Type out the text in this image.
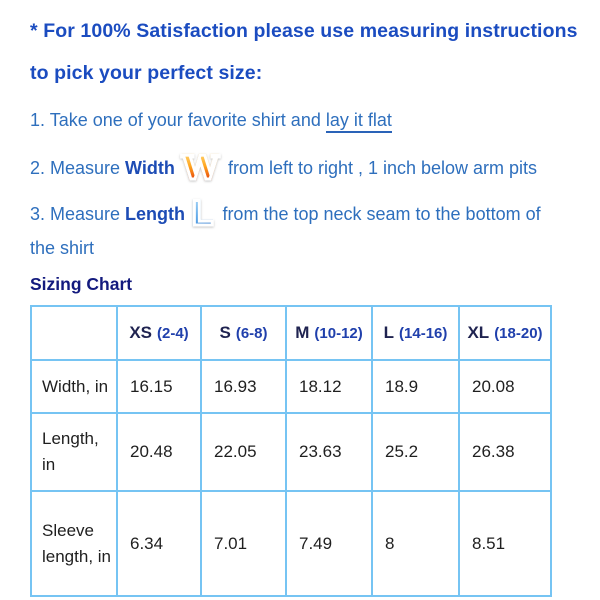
* For 100% Satisfaction please use measuring instructions
to pick your perfect size:
1. Take one of your favorite shirt and lay it flat
2. Measure Width W from left to right , 1 inch below arm pits
3. Measure Length L from the top neck seam to the bottom of
the shirt
Sizing Chart
	XS (2-4)	S (6-8)	M (10-12)	L (14-16)	XL (18-20)
Width, in	16.15	16.93	18.12	18.9	20.08
Length, in	20.48	22.05	23.63	25.2	26.38
Sleeve length, in	6.34	7.01	7.49	8	8.51
